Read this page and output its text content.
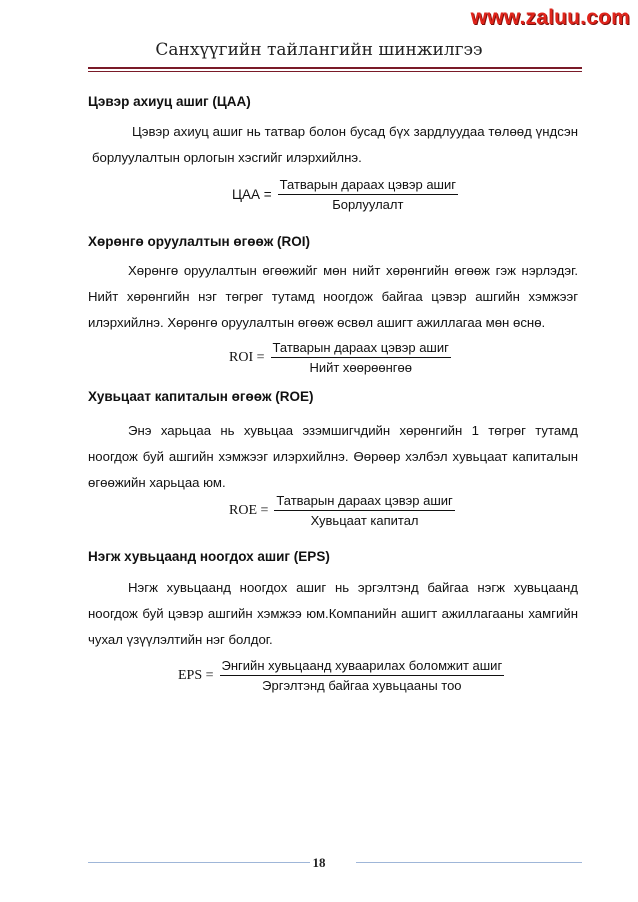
www.zaluu.com
Санхүүгийн тайлангийн шинжилгээ
Цэвэр ахиуц ашиг (ЦАА)

Цэвэр ахиуц ашиг нь татвар болон бусад бүх зардлуудаа төлөөд үндсэн борлуулалтын орлогын хэсгийг илэрхийлнэ.

ЦАА = $\frac{\text{Татварын дараах цэвэр ашиг}}{\text{Борлуулалт}}$
Хөрөнгө оруулалтын өгөөж (ROI)

Хөрөнгө оруулалтын өгөөжийг мөн нийт хөрөнгийн өгөөж гэж нэрлэдэг. Нийт хөрөнгийн нэг төгрөг тутамд ноогдож байгаа цэвэр ашгийн хэмжээг илэрхийлнэ. Хөрөнгө оруулалтын өгөөж өсвөл ашигт ажиллагаа мөн өснө.

ROI = $\frac{\text{Татварын дараах цэвэр ашиг}}{\text{Нийт хөөрөөнгөө}}$
Хувьцаат капиталын өгөөж (ROE)

Энэ харьцаа нь хувьцаа эзэмшигчдийн хөрөнгийн 1 төгрөг тутамд ноогдож буй ашгийн хэмжээг илэрхийлнэ. Өөрөөр хэлбэл хувьцаат капиталын өгөөжийн харьцаа юм.

ROE = $\frac{\text{Татварын дараах цэвэр ашиг}}{\text{Хувьцаат капитал}}$
Нэгж хувьцаанд ноогдох ашиг (EPS)

Нэгж хувьцаанд ноогдох ашиг нь эргэлтэнд байгаа нэгж хувьцаанд ноогдож буй цэвэр ашгийн хэмжээ юм.Компанийн ашигт ажиллагааны хамгийн чухал үзүүлэлтийн нэг болдог.

EPS = $\frac{\text{Энгийн хувьцаанд хуваарилах боломжит ашиг}}{\text{Эргэлтэнд байгаа хувьцааны тоо}}$
18
